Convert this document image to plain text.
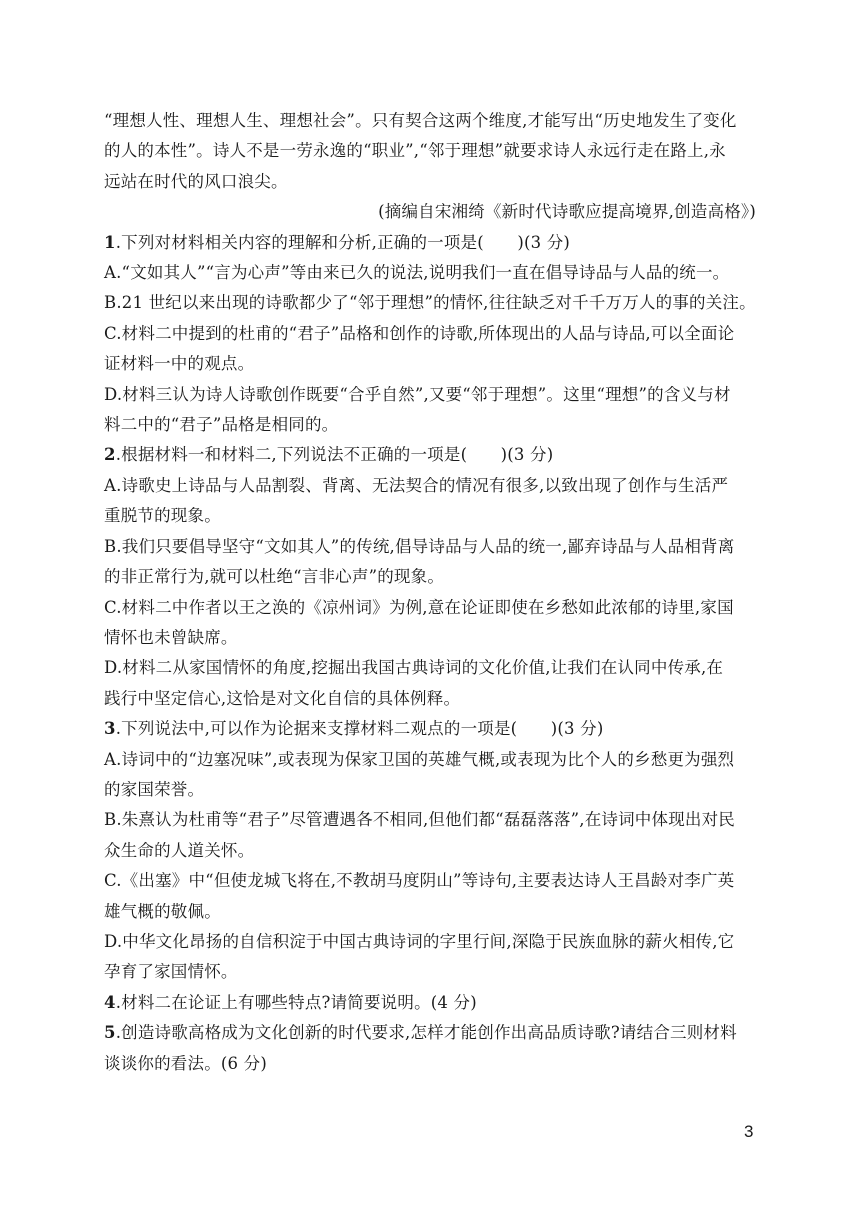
“理想人性、理想人生、理想社会”。只有契合这两个维度,才能写出“历史地发生了变化
的人的本性”。诗人不是一劳永逸的“职业”,“邻于理想”就要求诗人永远行走在路上,永
远站在时代的风口浪尖。
(摘编自宋湘绮《新时代诗歌应提高境界,创造高格》)
1.下列对材料相关内容的理解和分析,正确的一项是(　　)(3 分)
A.“文如其人”“言为心声”等由来已久的说法,说明我们一直在倡导诗品与人品的统一。
B.21 世纪以来出现的诗歌都少了“邻于理想”的情怀,往往缺乏对千千万万人的事的关注。
C.材料二中提到的杜甫的“君子”品格和创作的诗歌,所体现出的人品与诗品,可以全面论
证材料一中的观点。
D.材料三认为诗人诗歌创作既要“合乎自然”,又要“邻于理想”。这里“理想”的含义与材
料二中的“君子”品格是相同的。
2.根据材料一和材料二,下列说法不正确的一项是(　　)(3 分)
A.诗歌史上诗品与人品割裂、背离、无法契合的情况有很多,以致出现了创作与生活严
重脱节的现象。
B.我们只要倡导坚守“文如其人”的传统,倡导诗品与人品的统一,鄙弃诗品与人品相背离
的非正常行为,就可以杜绝“言非心声”的现象。
C.材料二中作者以王之涣的《凉州词》为例,意在论证即使在乡愁如此浓郁的诗里,家国
情怀也未曾缺席。
D.材料二从家国情怀的角度,挖掘出我国古典诗词的文化价值,让我们在认同中传承,在
践行中坚定信心,这恰是对文化自信的具体例释。
3.下列说法中,可以作为论据来支撑材料二观点的一项是(　　)(3 分)
A.诗词中的“边塞况味”,或表现为保家卫国的英雄气概,或表现为比个人的乡愁更为强烈
的家国荣誉。
B.朱熹认为杜甫等“君子”尽管遭遇各不相同,但他们都“磊磊落落”,在诗词中体现出对民
众生命的人道关怀。
C.《出塞》中“但使龙城飞将在,不教胡马度阴山”等诗句,主要表达诗人王昌龄对李广英
雄气概的敬佩。
D.中华文化昂扬的自信积淀于中国古典诗词的字里行间,深隐于民族血脉的薪火相传,它
孕育了家国情怀。
4.材料二在论证上有哪些特点?请简要说明。(4 分)
5.创造诗歌高格成为文化创新的时代要求,怎样才能创作出高品质诗歌?请结合三则材料
谈谈你的看法。(6 分)
3
